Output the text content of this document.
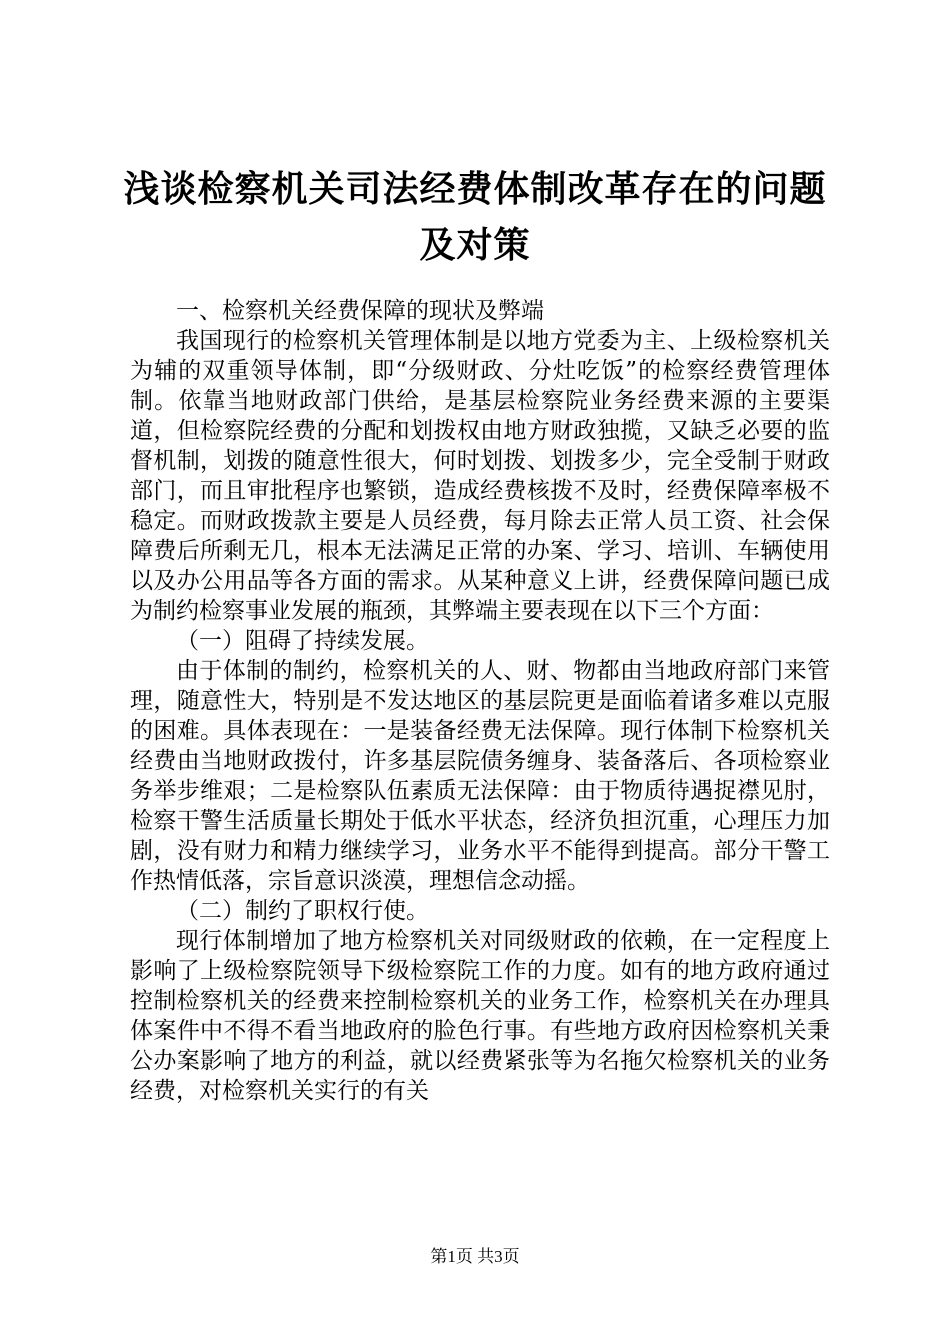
浅谈检察机关司法经费体制改革存在的问题及对策

一、检察机关经费保障的现状及弊端

我国现行的检察机关管理体制是以地方党委为主、上级检察机关为辅的双重领导体制，即“分级财政、分灶吃饭”的检察经费管理体制。依靠当地财政部门供给，是基层检察院业务经费来源的主要渠道，但检察院经费的分配和划拨权由地方财政独揽，又缺乏必要的监督机制，划拨的随意性很大，何时划拨、划拨多少，完全受制于财政部门，而且审批程序也繁锁，造成经费核拨不及时，经费保障率极不稳定。而财政拨款主要是人员经费，每月除去正常人员工资、社会保障费后所剩无几，根本无法满足正常的办案、学习、培训、车辆使用以及办公用品等各方面的需求。从某种意义上讲，经费保障问题已成为制约检察事业发展的瓶颈，其弊端主要表现在以下三个方面：

（一）阻碍了持续发展。

由于体制的制约，检察机关的人、财、物都由当地政府部门来管理，随意性大，特别是不发达地区的基层院更是面临着诸多难以克服的困难。具体表现在：一是装备经费无法保障。现行体制下检察机关经费由当地财政拨付，许多基层院债务缠身、装备落后、各项检察业务举步维艰；二是检察队伍素质无法保障：由于物质待遇捉襟见肘，检察干警生活质量长期处于低水平状态，经济负担沉重，心理压力加剧，没有财力和精力继续学习，业务水平不能得到提高。部分干警工作热情低落，宗旨意识淡漠，理想信念动摇。

（二）制约了职权行使。

现行体制增加了地方检察机关对同级财政的依赖，在一定程度上影响了上级检察院领导下级检察院工作的力度。如有的地方政府通过控制检察机关的经费来控制检察机关的业务工作，检察机关在办理具体案件中不得不看当地政府的脸色行事。有些地方政府因检察机关秉公办案影响了地方的利益，就以经费紧张等为名拖欠检察机关的业务经费，对检察机关实行的有关

第1页 共3页
